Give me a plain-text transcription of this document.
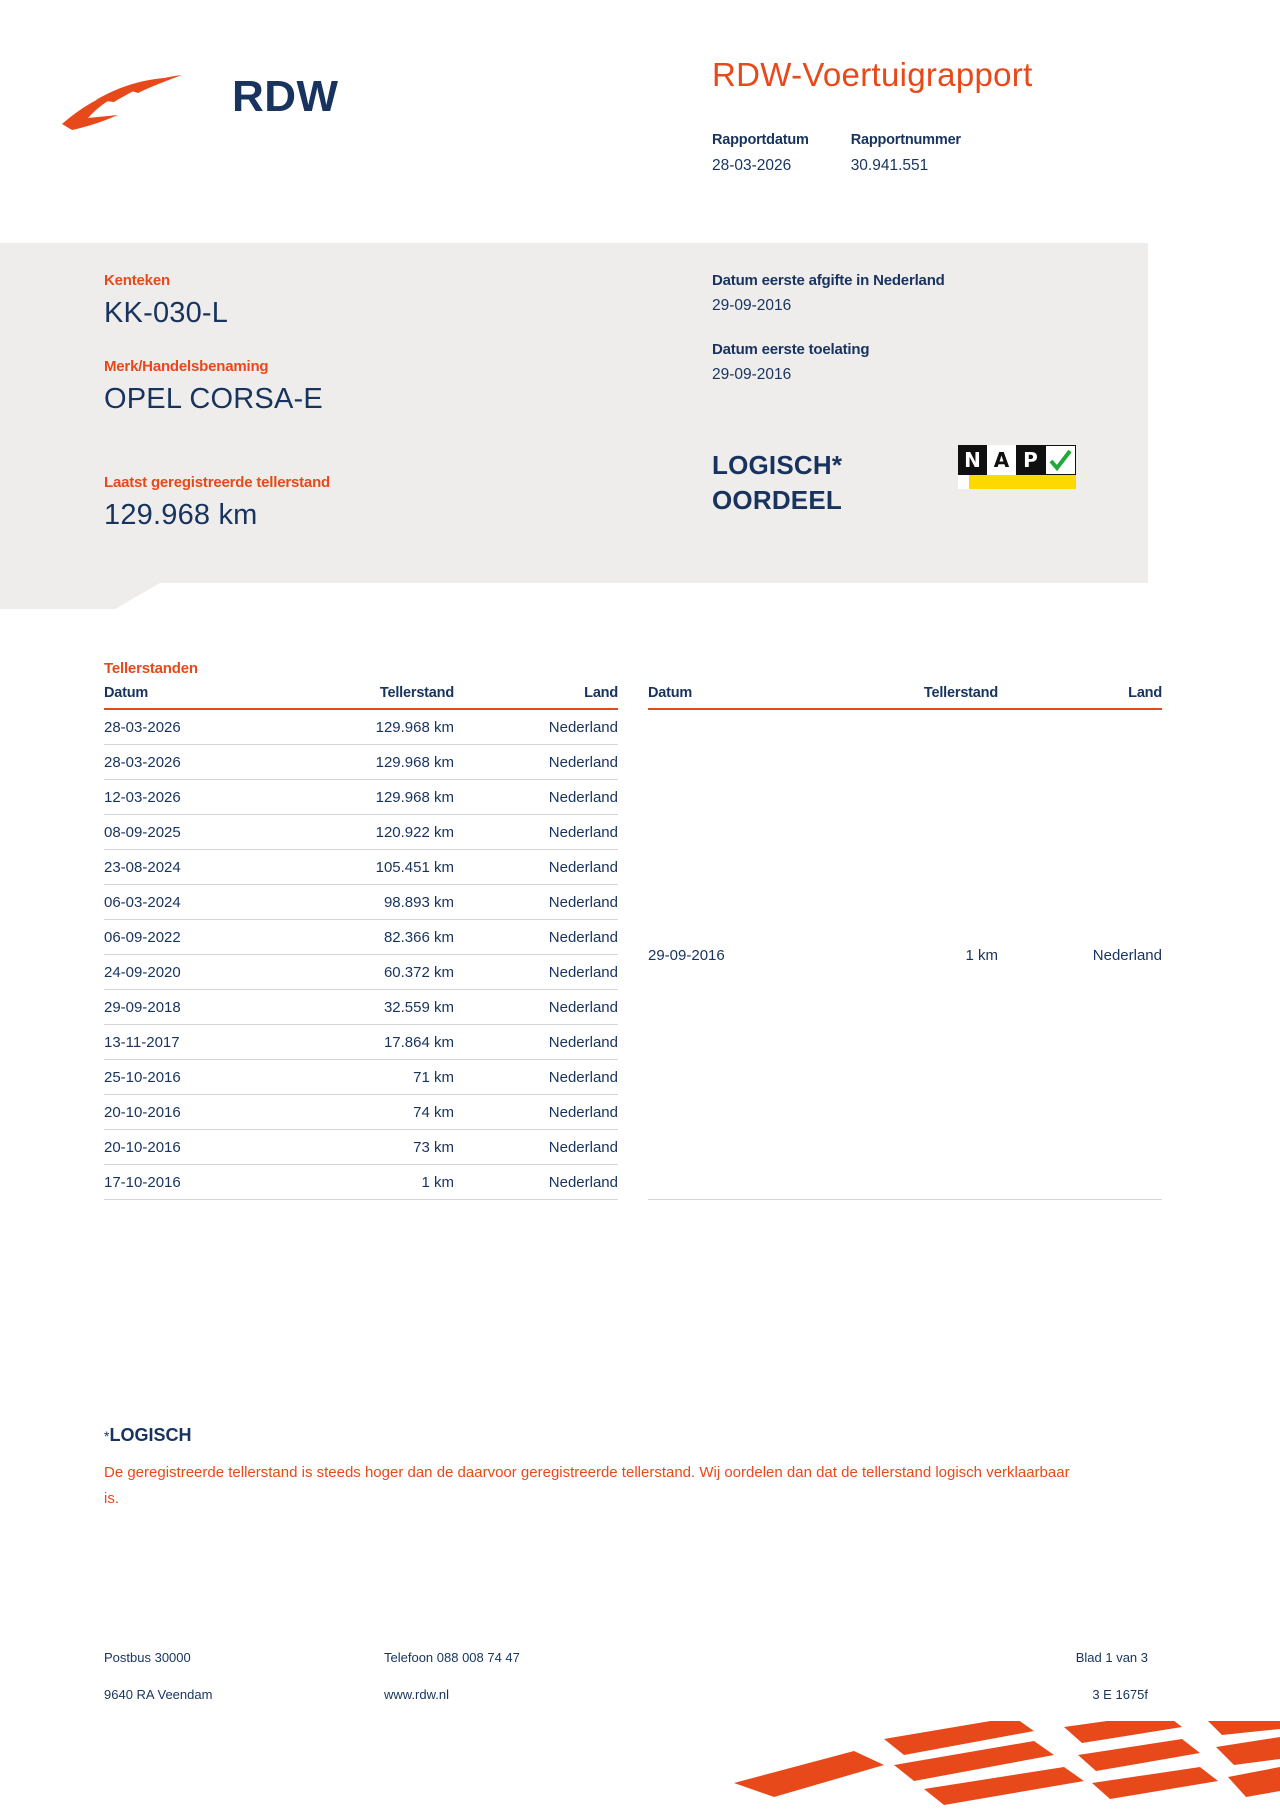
RDW	RDW-Voertuigrapport
Rapportdatum
28-03-2026
Rapportnummer
30.941.551
Kenteken
KK-030-L
Merk/Handelsbenaming
OPEL CORSA-E
Laatst geregistreerde tellerstand
129.968 km
Datum eerste afgifte in Nederland
29-09-2016
Datum eerste toelating
29-09-2016
LOGISCH*
OORDEEL
N A P
Tellerstanden
Datum	Tellerstand	Land
28-03-2026	129.968 km	Nederland
28-03-2026	129.968 km	Nederland
12-03-2026	129.968 km	Nederland
08-09-2025	120.922 km	Nederland
23-08-2024	105.451 km	Nederland
06-03-2024	98.893 km	Nederland
06-09-2022	82.366 km	Nederland
24-09-2020	60.372 km	Nederland
29-09-2018	32.559 km	Nederland
13-11-2017	17.864 km	Nederland
25-10-2016	71 km	Nederland
20-10-2016	74 km	Nederland
20-10-2016	73 km	Nederland
17-10-2016	1 km	Nederland
Datum	Tellerstand	Land
29-09-2016	1 km	Nederland
*LOGISCH
De geregistreerde tellerstand is steeds hoger dan de daarvoor geregistreerde tellerstand. Wij oordelen dan dat de tellerstand logisch verklaarbaar is.
Postbus 30000	Telefoon 088 008 74 47	Blad 1 van 3
9640 RA Veendam	www.rdw.nl	3 E 1675f
